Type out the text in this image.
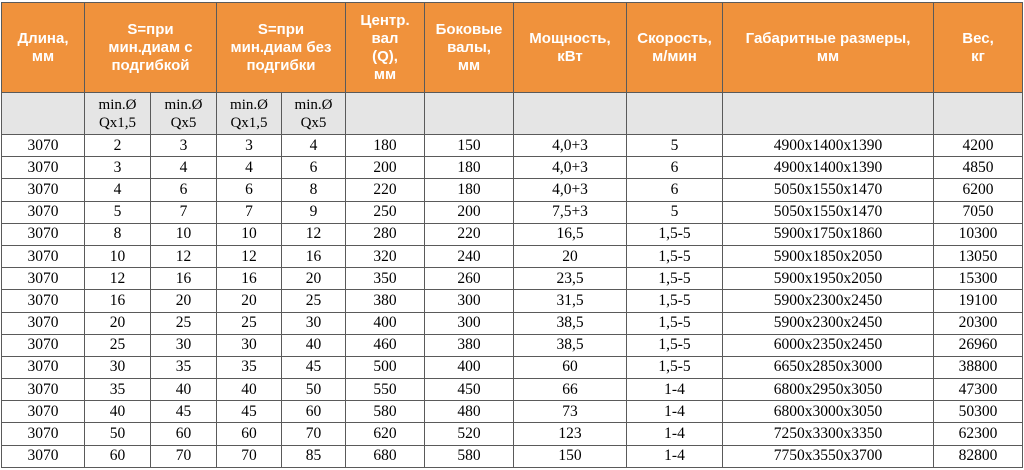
Длина,
мм	S=при
мин.диам с
подгибкой		S=при
мин.диам без
подгибки		Центр.
вал
(Q),
мм	Боковые
валы,
мм	Мощность,
кВт	Скорость,
м/мин	Габаритные размеры,
мм	Вес,
кг

	min.Ø
Qx1,5	min.Ø
Qx5	min.Ø
Qx1,5	min.Ø
Qx5						

3070	2	3	3	4	180	150	4,0+3	5	4900x1400x1390	4200
3070	3	4	4	6	200	180	4,0+3	6	4900x1400x1390	4850
3070	4	6	6	8	220	180	4,0+3	6	5050x1550x1470	6200
3070	5	7	7	9	250	200	7,5+3	5	5050x1550x1470	7050
3070	8	10	10	12	280	220	16,5	1,5-5	5900x1750x1860	10300
3070	10	12	12	16	320	240	20	1,5-5	5900x1850x2050	13050
3070	12	16	16	20	350	260	23,5	1,5-5	5900x1950x2050	15300
3070	16	20	20	25	380	300	31,5	1,5-5	5900x2300x2450	19100
3070	20	25	25	30	400	300	38,5	1,5-5	5900x2300x2450	20300
3070	25	30	30	40	460	380	38,5	1,5-5	6000x2350x2450	26960
3070	30	35	35	45	500	400	60	1,5-5	6650x2850x3000	38800
3070	35	40	40	50	550	450	66	1-4	6800x2950x3050	47300
3070	40	45	45	60	580	480	73	1-4	6800x3000x3050	50300
3070	50	60	60	70	620	520	123	1-4	7250x3300x3350	62300
3070	60	70	70	85	680	580	150	1-4	7750x3550x3700	82800
